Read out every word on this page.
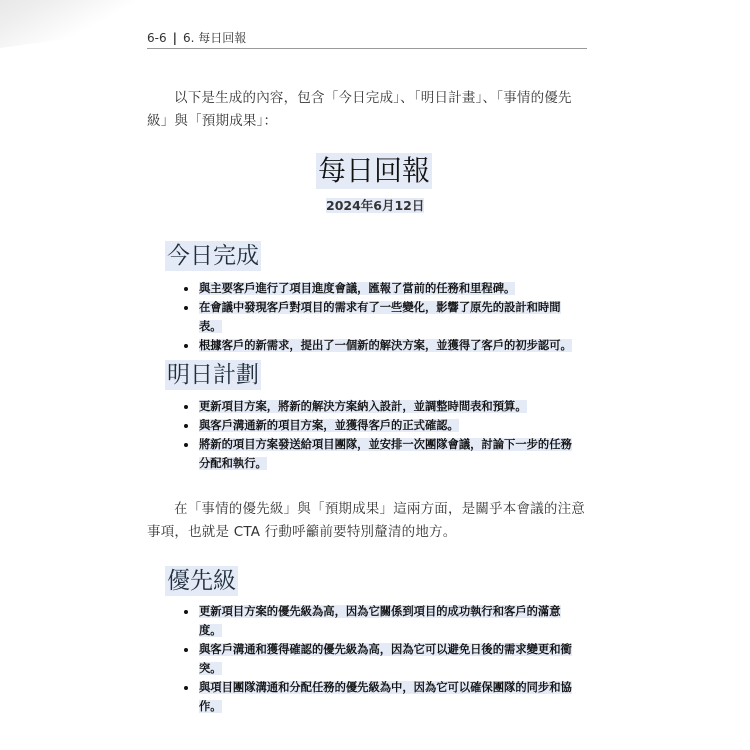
6-6 | 6. 每日回報
以下是生成的內容，包含「今日完成」、「明日計畫」、「事情的優先級」與「預期成果」：
每日回報
2024年6月12日
今日完成
與主要客戶進行了項目進度會議，匯報了當前的任務和里程碑。
在會議中發現客戶對項目的需求有了一些變化，影響了原先的設計和時間表。
根據客戶的新需求，提出了一個新的解決方案，並獲得了客戶的初步認可。
明日計劃
更新項目方案，將新的解決方案納入設計，並調整時間表和預算。
與客戶溝通新的項目方案，並獲得客戶的正式確認。
將新的項目方案發送給項目團隊，並安排一次團隊會議，討論下一步的任務分配和執行。
在「事情的優先級」與「預期成果」這兩方面，是關乎本會議的注意事項，也就是 CTA 行動呼籲前要特別釐清的地方。
優先級
更新項目方案的優先級為高，因為它關係到項目的成功執行和客戶的滿意度。
與客戶溝通和獲得確認的優先級為高，因為它可以避免日後的需求變更和衝突。
與項目團隊溝通和分配任務的優先級為中，因為它可以確保團隊的同步和協作。
